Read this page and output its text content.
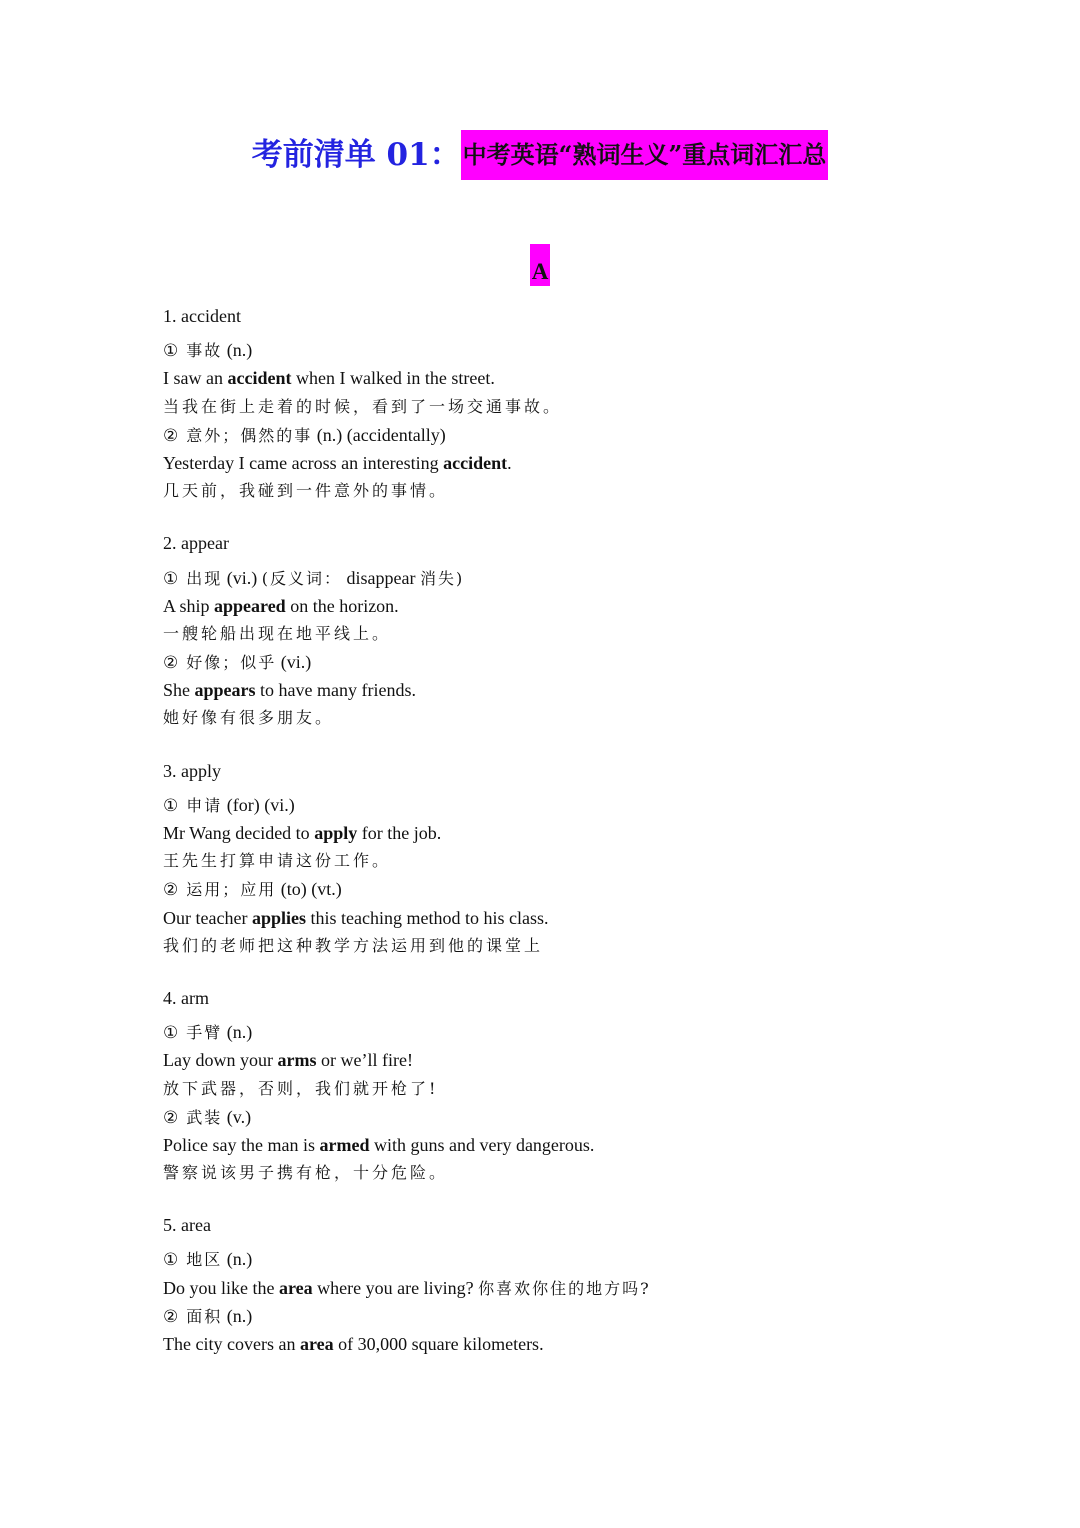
考前清单 01：中考英语“熟词生义”重点词汇汇总
A
1. accident
① 事故 (n.)
I saw an accident when I walked in the street.
当我在街上走着的时候，看到了一场交通事故。
② 意外；偶然的事 (n.) (accidentally)
Yesterday I came across an interesting accident.
几天前，我碰到一件意外的事情。
2. appear
① 出现 (vi.) (反义词： disappear 消失)
A ship appeared on the horizon.
一艘轮船出现在地平线上。
② 好像；似乎 (vi.)
She appears to have many friends.
她好像有很多朋友。
3. apply
① 申请 (for) (vi.)
Mr Wang decided to apply for the job.
王先生打算申请这份工作。
② 运用；应用 (to) (vt.)
Our teacher applies this teaching method to his class.
我们的老师把这种教学方法运用到他的课堂上
4. arm
① 手臂 (n.)
Lay down your arms or we’ll fire!
放下武器，否则，我们就开枪了!
② 武装 (v.)
Police say the man is armed with guns and very dangerous.
警察说该男子携有枪，十分危险。
5. area
① 地区 (n.)
Do you like the area where you are living? 你喜欢你住的地方吗?
② 面积 (n.)
The city covers an area of 30,000 square kilometers.
